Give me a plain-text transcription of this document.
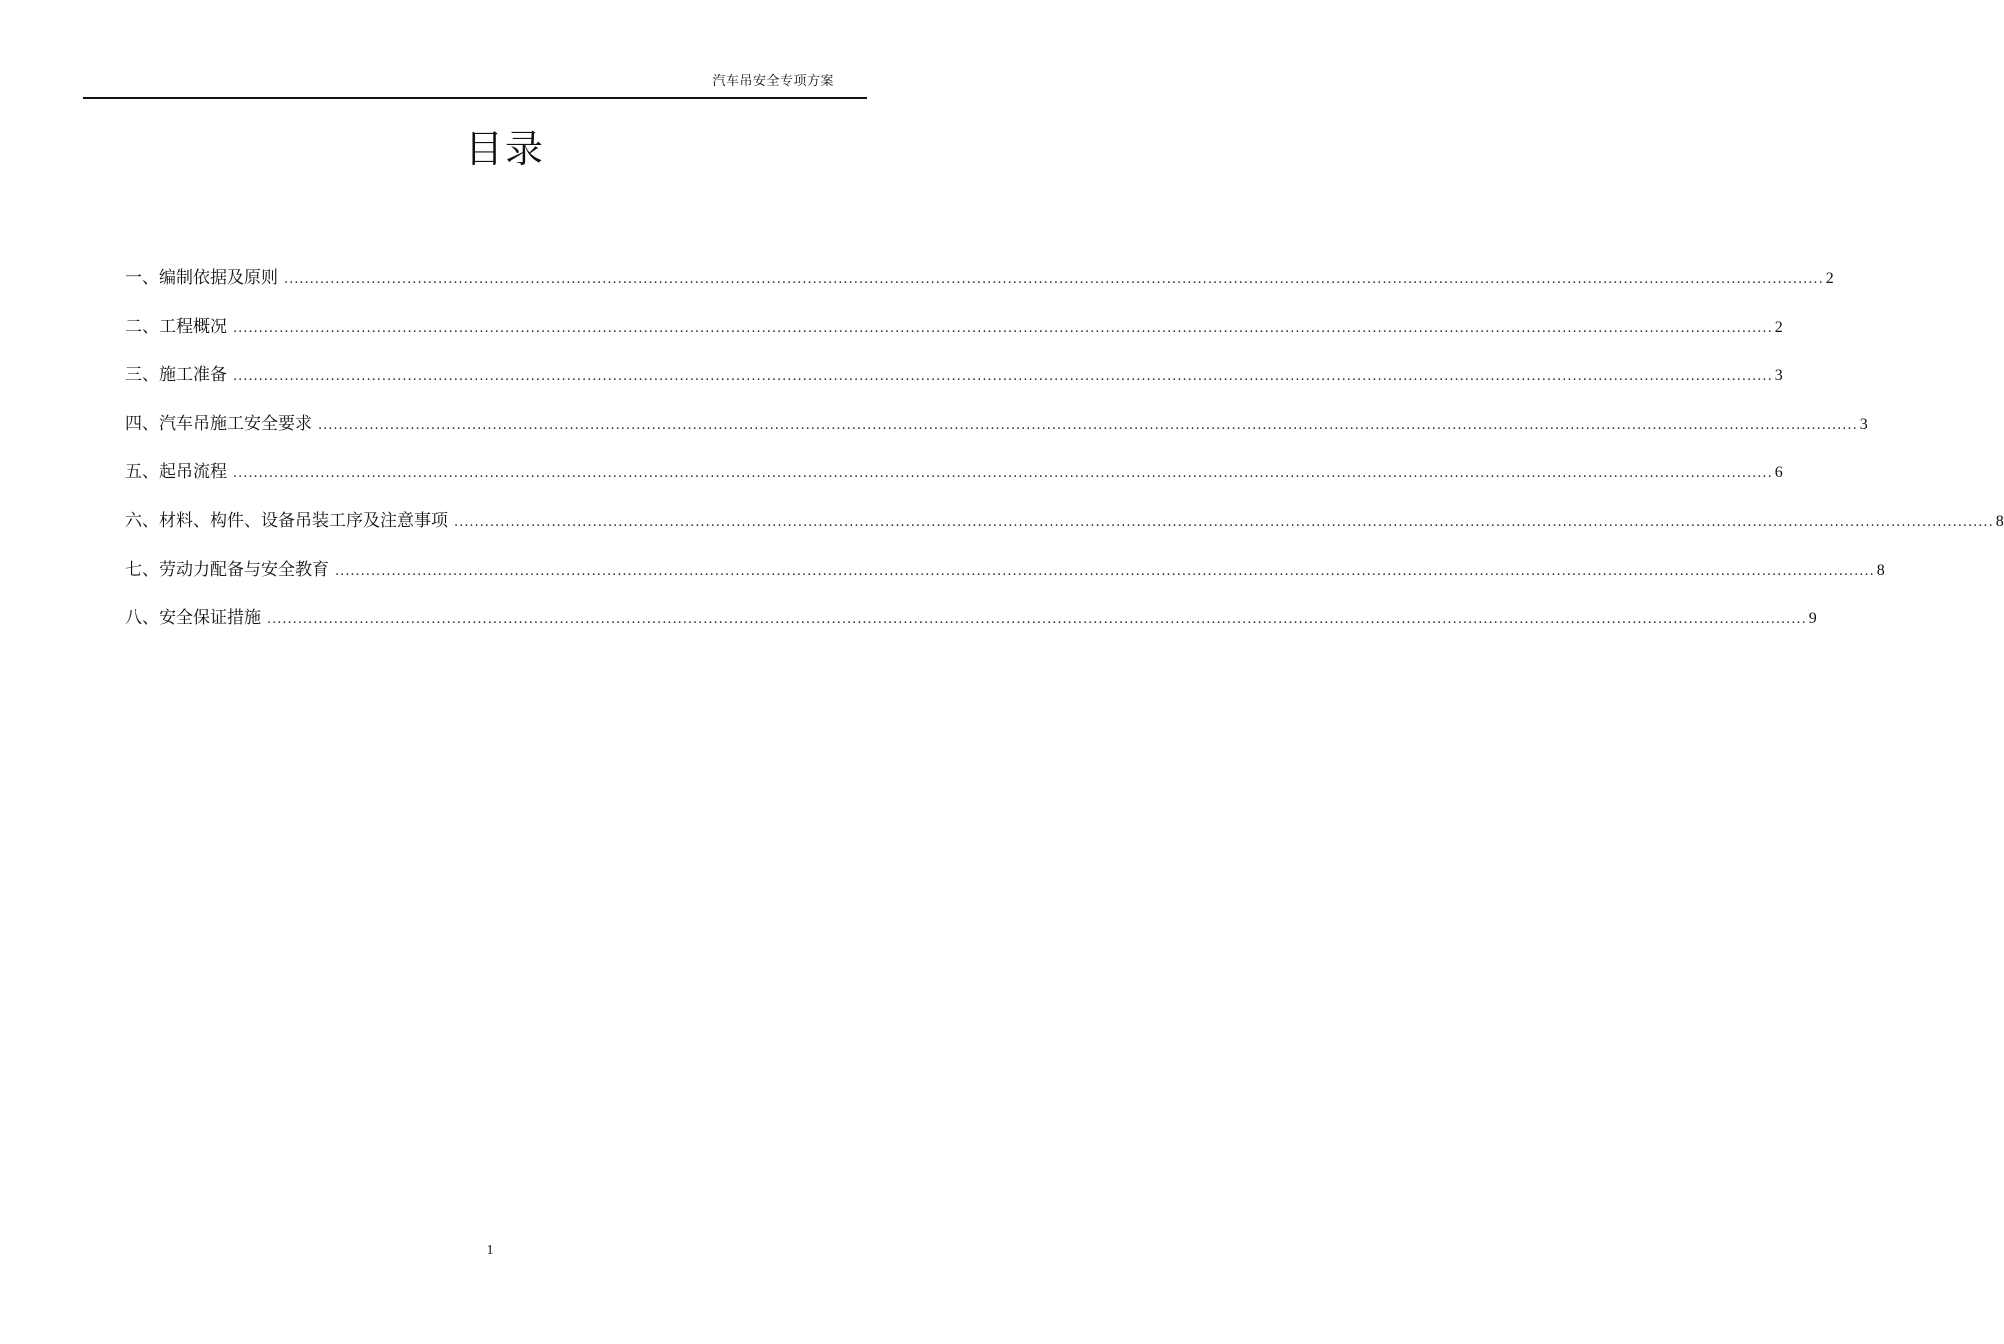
汽车吊安全专项方案
目录
一、编制依据及原则 ............................................................................................................................................................................................................................................................................................................ 2
二、工程概况 ............................................................................................................................................................................................................................................................................................................ 2
三、施工准备 ............................................................................................................................................................................................................................................................................................................ 3
四、汽车吊施工安全要求 ............................................................................................................................................................................................................................................................................................................ 3
五、起吊流程 ............................................................................................................................................................................................................................................................................................................ 6
六、材料、构件、设备吊装工序及注意事项 ............................................................................................................................................................................................................................................................................................................ 8
七、劳动力配备与安全教育 ............................................................................................................................................................................................................................................................................................................ 8
八、安全保证措施 ............................................................................................................................................................................................................................................................................................................ 9
1
